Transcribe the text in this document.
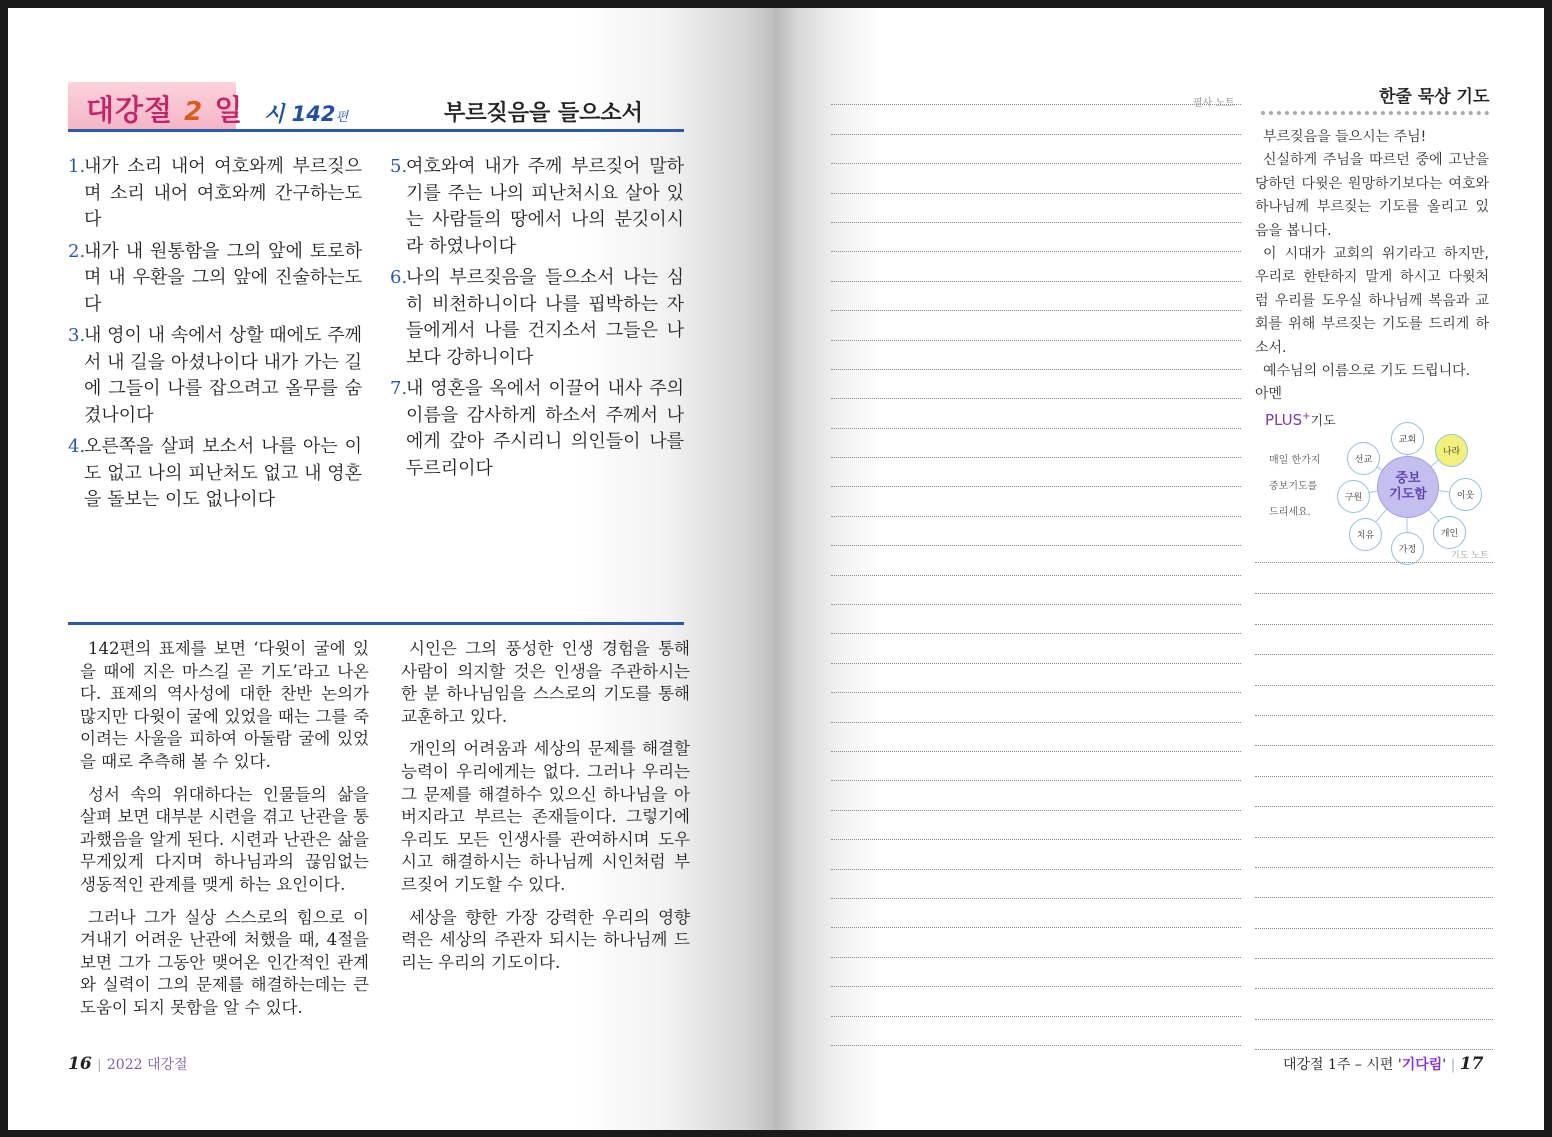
대강절 2 일 시 142편	부르짖음을 들으소서
1.
내가 소리 내어 여호와께 부르짖으며 소리 내어 여호와께 간구하는도다
2.
내가 내 원통함을 그의 앞에 토로하며 내 우환을 그의 앞에 진술하는도다
3.
내 영이 내 속에서 상할 때에도 주께서 내 길을 아셨나이다 내가 가는 길에 그들이 나를 잡으려고 올무를 숨겼나이다
4.
오른쪽을 살펴 보소서 나를 아는 이도 없고 나의 피난처도 없고 내 영혼을 돌보는 이도 없나이다
5.
여호와여 내가 주께 부르짖어 말하기를 주는 나의 피난처시요 살아 있는 사람들의 땅에서 나의 분깃이시라 하였나이다
6.
나의 부르짖음을 들으소서 나는 심히 비천하니이다 나를 핍박하는 자들에게서 나를 건지소서 그들은 나보다 강하니이다
7.
내 영혼을 옥에서 이끌어 내사 주의 이름을 감사하게 하소서 주께서 나에게 갚아 주시리니 의인들이 나를 두르리이다

142편의 표제를 보면 ‘다윗이 굴에 있을 때에 지은 마스길 곧 기도’라고 나온다. 표제의 역사성에 대한 찬반 논의가 많지만 다윗이 굴에 있었을 때는 그를 죽이려는 사울을 피하여 아둘람 굴에 있었을 때로 추측해 볼 수 있다.

성서 속의 위대하다는 인물들의 삶을 살펴 보면 대부분 시련을 겪고 난관을 통과했음을 알게 된다. 시련과 난관은 삶을 무게있게 다지며 하나님과의 끊임없는 생동적인 관계를 맺게 하는 요인이다.

그러나 그가 실상 스스로의 힘으로 이겨내기 어려운 난관에 처했을 때, 4절을 보면 그가 그동안 맺어온 인간적인 관계와 실력이 그의 문제를 해결하는데는 큰 도움이 되지 못함을 알 수 있다.

시인은 그의 풍성한 인생 경험을 통해 사람이 의지할 것은 인생을 주관하시는 한 분 하나님임을 스스로의 기도를 통해 교훈하고 있다.

개인의 어려움과 세상의 문제를 해결할 능력이 우리에게는 없다. 그러나 우리는 그 문제를 해결하수 있으신 하나님을 아버지라고 부르는 존재들이다. 그렇기에 우리도 모든 인생사를 관여하시며 도우시고 해결하시는 하나님께 시인처럼 부르짖어 기도할 수 있다.

세상을 향한 가장 강력한 우리의 영향력은 세상의 주관자 되시는 하나님께 드리는 우리의 기도이다.

16 | 2022 대강절
필사 노트	한줄 묵상 기도

부르짖음을 들으시는 주님!

신실하게 주님을 따르던 중에 고난을 당하던 다윗은 원망하기보다는 여호와 하나님께 부르짖는 기도를 올리고 있음을 봅니다.

이 시대가 교회의 위기라고 하지만, 우리로 한탄하지 말게 하시고 다윗처럼 우리를 도우실 하나님께 복음과 교회를 위해 부르짖는 기도를 드리게 하소서.

예수님의 이름으로 기도 드립니다.

아멘

PLUS+기도
매일 한가지
중보기도를
드리세요.
교회
나라
이웃
개인
가정
치유
구원
선교
중보
기도함
기도 노트
대강절 1주 – 시편 '기다림' | 17
